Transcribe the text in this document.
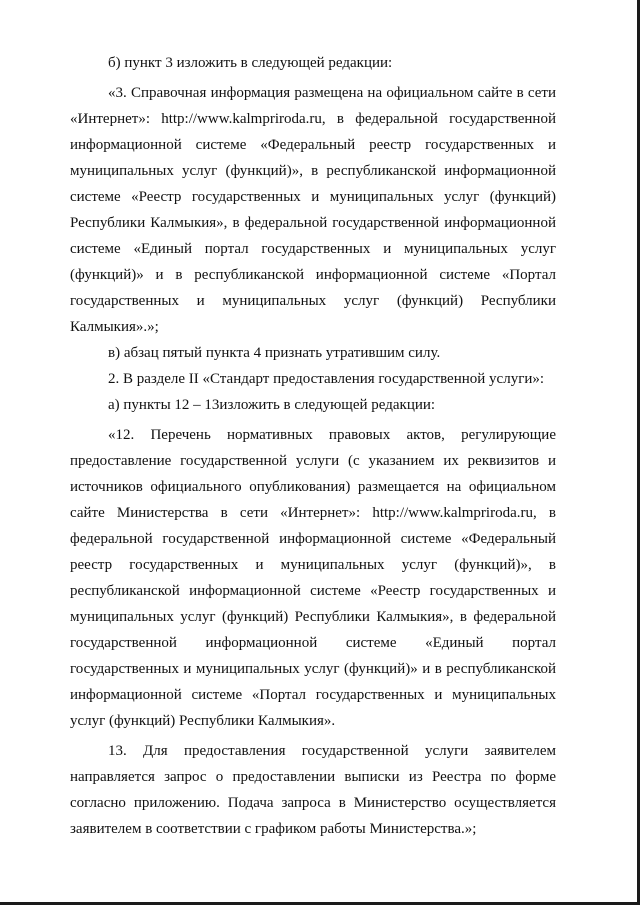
б) пункт 3 изложить в следующей редакции:

«3. Справочная информация размещена на официальном сайте в сети «Интернет»: http://www.kalmpriroda.ru, в федеральной государственной информационной системе «Федеральный реестр государственных и муниципальных услуг (функций)», в республиканской информационной системе «Реестр государственных и муниципальных услуг (функций) Республики Калмыкия», в федеральной государственной информационной системе «Единый портал государственных и муниципальных услуг (функций)» и в республиканской информационной системе «Портал государственных и муниципальных услуг (функций) Республики Калмыкия».»;

в) абзац пятый пункта 4 признать утратившим силу.

2. В разделе II «Стандарт предоставления государственной услуги»:

а) пункты 12 – 13изложить в следующей редакции:

«12. Перечень нормативных правовых актов, регулирующие предоставление государственной услуги (с указанием их реквизитов и источников официального опубликования) размещается на официальном сайте Министерства в сети «Интернет»: http://www.kalmpriroda.ru, в федеральной государственной информационной системе «Федеральный реестр государственных и муниципальных услуг (функций)», в республиканской информационной системе «Реестр государственных и муниципальных услуг (функций) Республики Калмыкия», в федеральной государственной информационной системе «Единый портал государственных и муниципальных услуг (функций)» и в республиканской информационной системе «Портал государственных и муниципальных услуг (функций) Республики Калмыкия».

13. Для предоставления государственной услуги заявителем направляется запрос о предоставлении выписки из Реестра по форме согласно приложению. Подача запроса в Министерство осуществляется заявителем в соответствии с графиком работы Министерства.»;
